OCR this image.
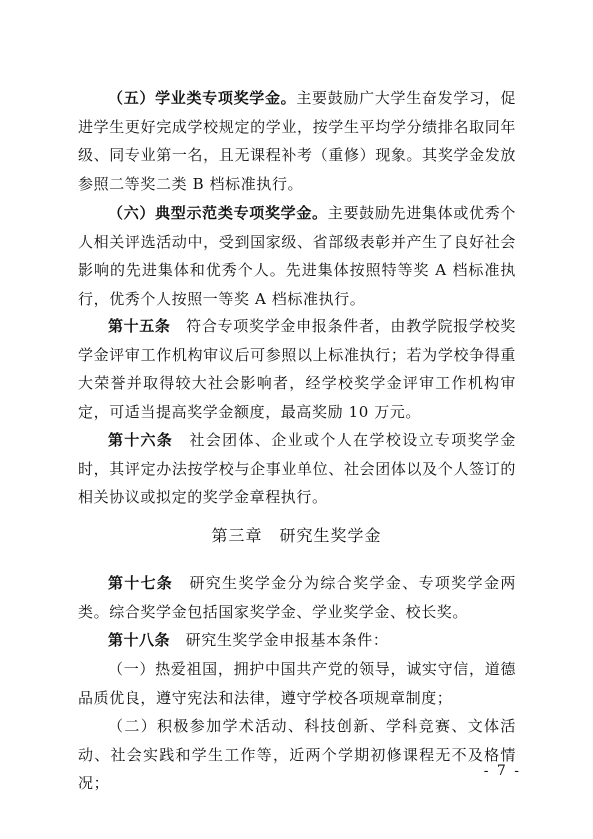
（五）学业类专项奖学金。主要鼓励广大学生奋发学习，促进学生更好完成学校规定的学业，按学生平均学分绩排名取同年级、同专业第一名，且无课程补考（重修）现象。其奖学金发放参照二等奖二类 B 档标准执行。

（六）典型示范类专项奖学金。主要鼓励先进集体或优秀个人相关评选活动中，受到国家级、省部级表彰并产生了良好社会影响的先进集体和优秀个人。先进集体按照特等奖 A 档标准执行，优秀个人按照一等奖 A 档标准执行。

第十五条　符合专项奖学金申报条件者，由教学院报学校奖学金评审工作机构审议后可参照以上标准执行；若为学校争得重大荣誉并取得较大社会影响者，经学校奖学金评审工作机构审定，可适当提高奖学金额度，最高奖励 10 万元。

第十六条　社会团体、企业或个人在学校设立专项奖学金时，其评定办法按学校与企事业单位、社会团体以及个人签订的相关协议或拟定的奖学金章程执行。

第三章　研究生奖学金

第十七条　研究生奖学金分为综合奖学金、专项奖学金两类。综合奖学金包括国家奖学金、学业奖学金、校长奖。

第十八条　研究生奖学金申报基本条件：

（一）热爱祖国，拥护中国共产党的领导，诚实守信，道德品质优良，遵守宪法和法律，遵守学校各项规章制度；

（二）积极参加学术活动、科技创新、学科竞赛、文体活动、社会实践和学生工作等，近两个学期初修课程无不及格情况；

- 7 -
